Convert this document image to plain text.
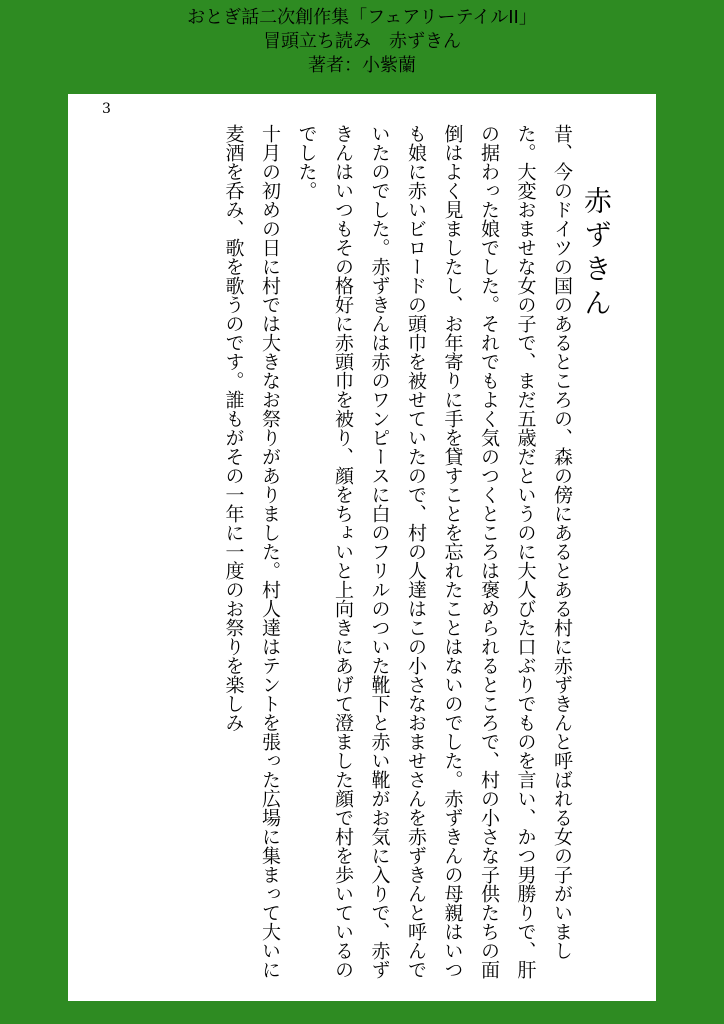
おとぎ話二次創作集「フェアリーテイルII」
冒頭立ち読み　赤ずきん
著者：小紫蘭
3
赤ずきん

昔、今のドイツの国のあるところの、森の傍にあるとある村に赤ずきんと呼ばれる女の子がいました。大変おませな女の子で、まだ五歳だというのに大人びた口ぶりでものを言い、かつ男勝りで、肝の据わった娘でした。それでもよく気のつくところは褒められるところで、村の小さな子供たちの面倒はよく見ましたし、お年寄りに手を貸すことを忘れたことはないのでした。赤ずきんの母親はいつも娘に赤いビロードの頭巾を被せていたので、村の人達はこの小さなおませさんを赤ずきんと呼んでいたのでした。赤ずきんは赤のワンピースに白のフリルのついた靴下と赤い靴がお気に入りで、赤ずきんはいつもその格好に赤頭巾を被り、顔をちょいと上向きにあげて澄ました顔で村を歩いているのでした。

十月の初めの日に村では大きなお祭りがありました。村人達はテントを張った広場に集まって大いに麦酒を呑み、歌を歌うのです。誰もがその一年に一度のお祭りを楽しみ
